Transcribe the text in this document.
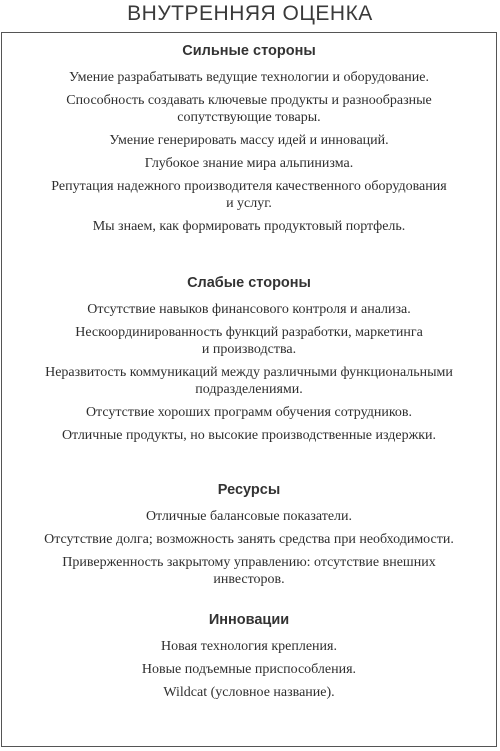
ВНУТРЕННЯЯ ОЦЕНКА
Сильные стороны
Умение разрабатывать ведущие технологии и оборудование.
Способность создавать ключевые продукты и разнообразные
сопутствующие товары.
Умение генерировать массу идей и инноваций.
Глубокое знание мира альпинизма.
Репутация надежного производителя качественного оборудования
и услуг.
Мы знаем, как формировать продуктовый портфель.
Слабые стороны
Отсутствие навыков финансового контроля и анализа.
Нескоординированность функций разработки, маркетинга
и производства.
Неразвитость коммуникаций между различными функциональными
подразделениями.
Отсутствие хороших программ обучения сотрудников.
Отличные продукты, но высокие производственные издержки.
Ресурсы
Отличные балансовые показатели.
Отсутствие долга; возможность занять средства при необходимости.
Приверженность закрытому управлению: отсутствие внешних
инвесторов.
Инновации
Новая технология крепления.
Новые подъемные приспособления.
Wildcat (условное название).
